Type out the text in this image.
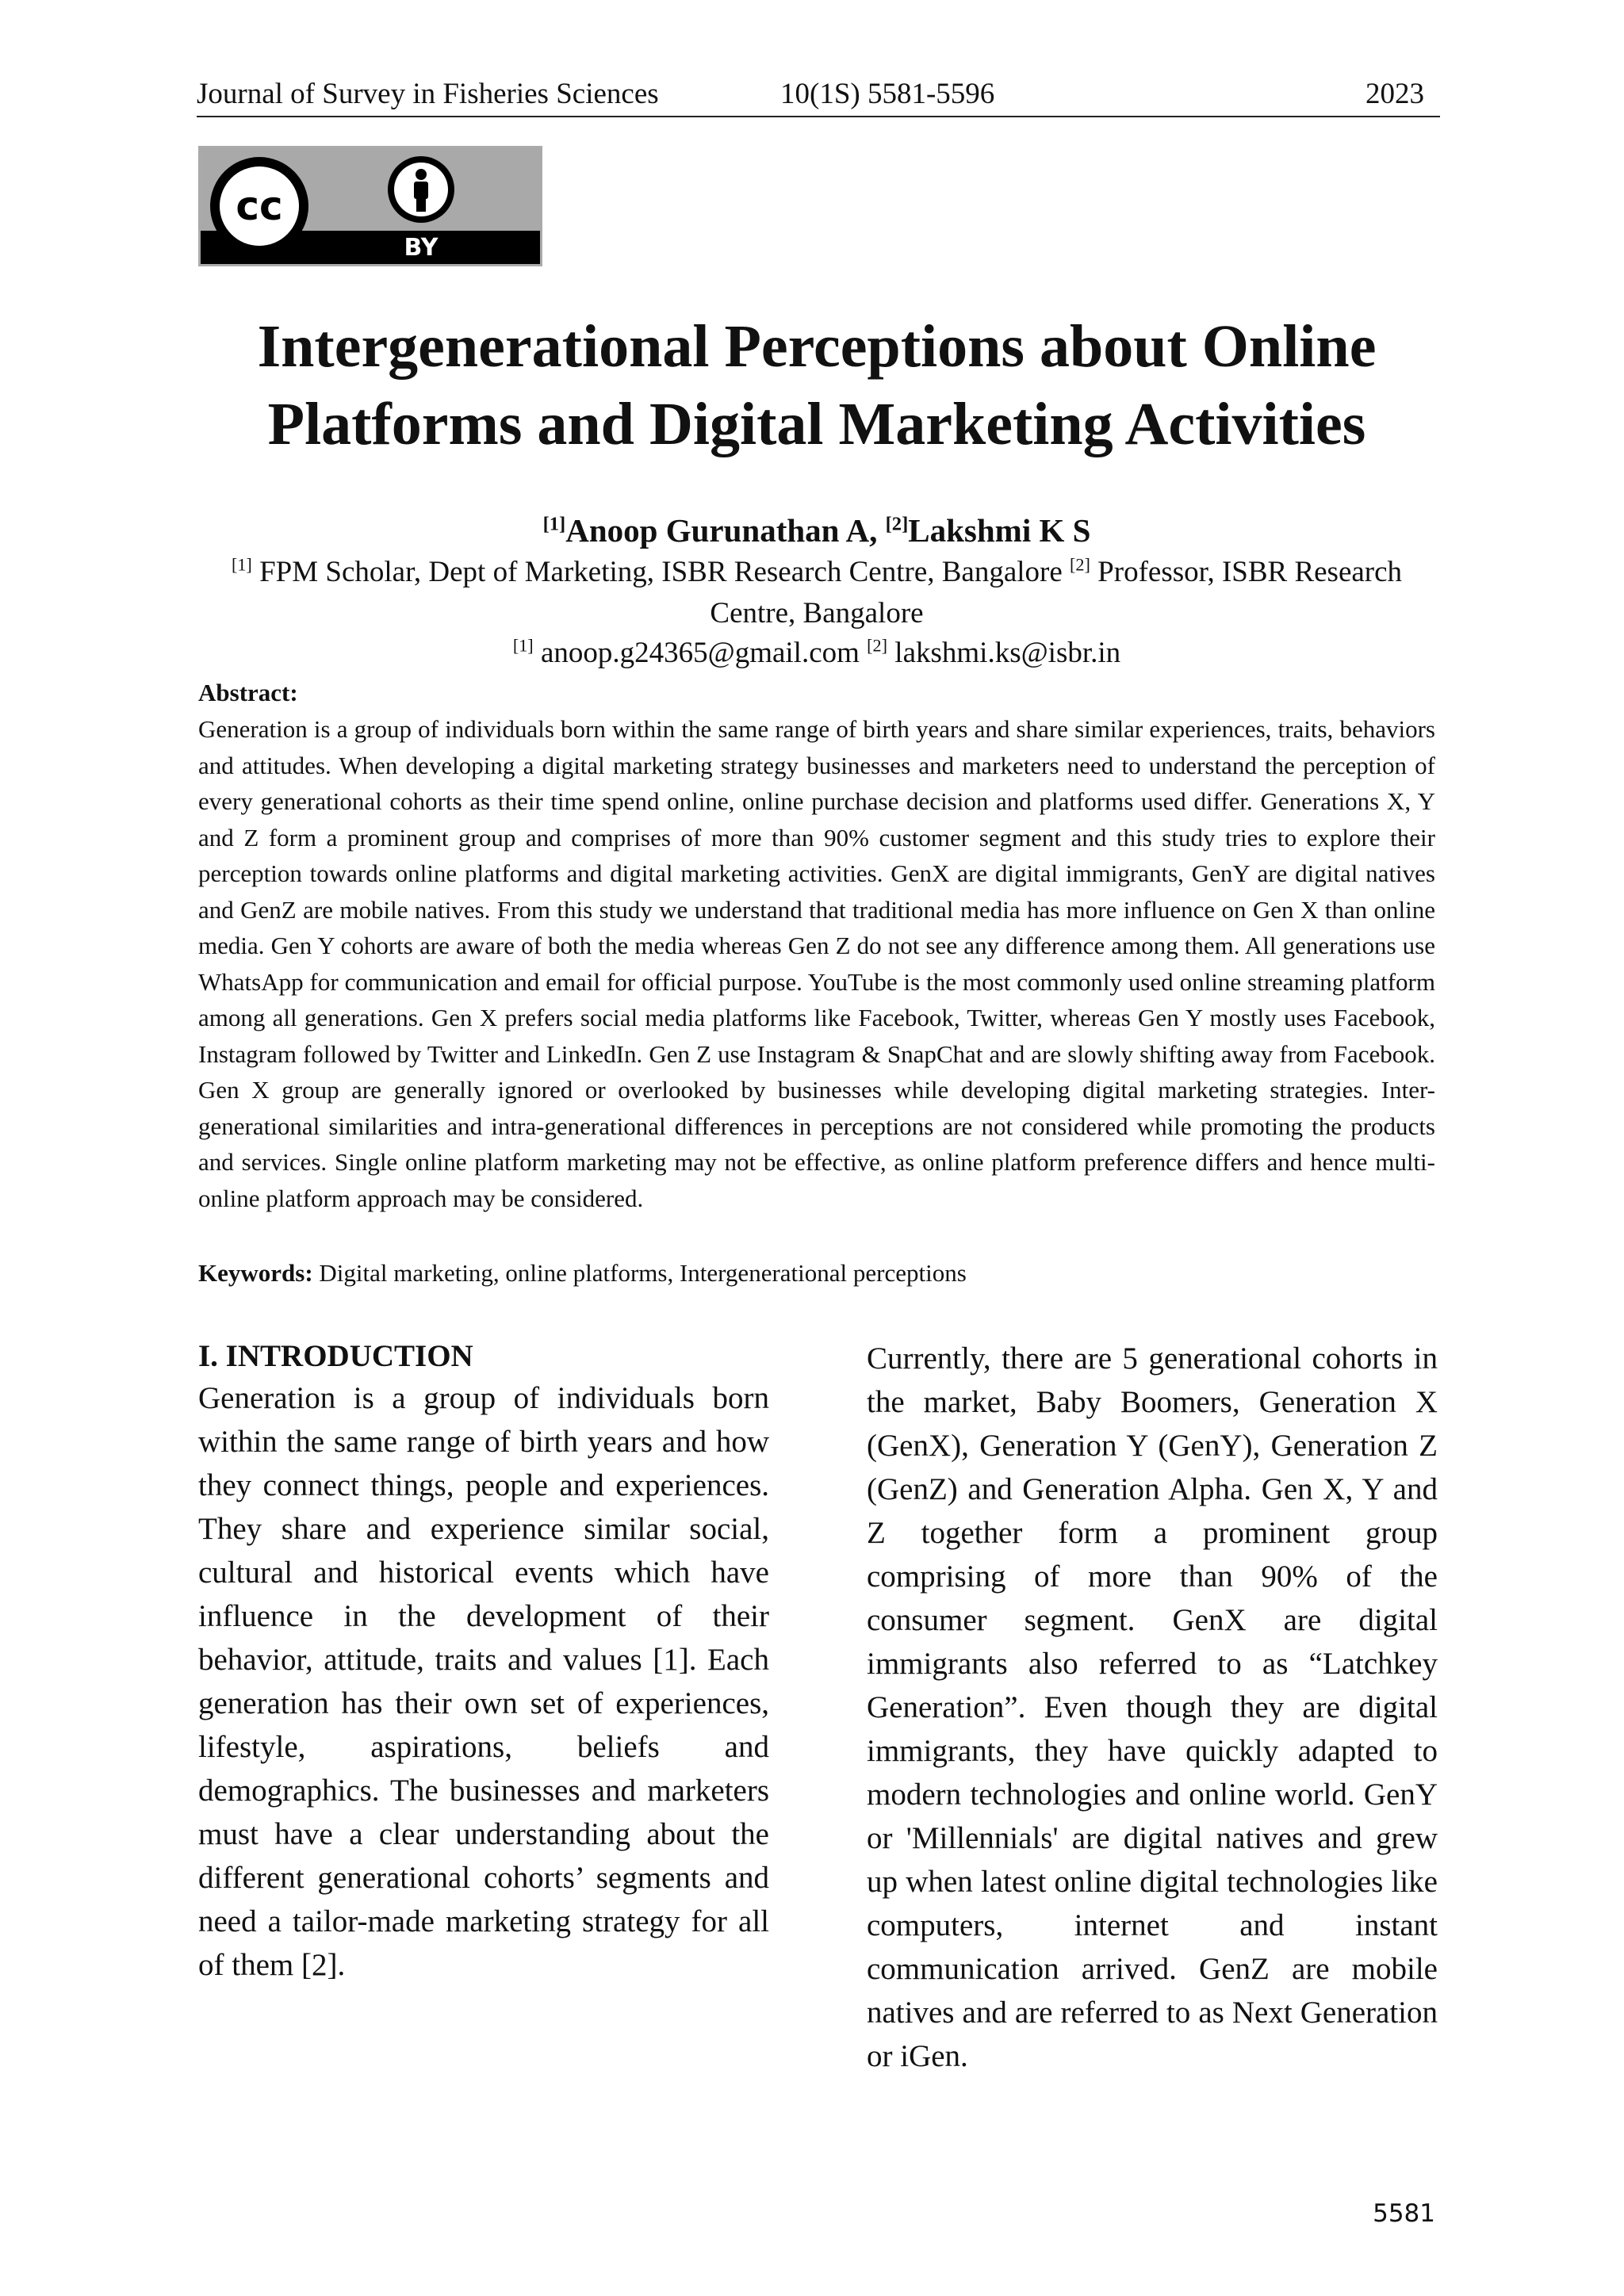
Journal of Survey in Fisheries Sciences	10(1S) 5581-5596	2023
cc
BY
Intergenerational Perceptions about Online Platforms and Digital Marketing Activities
[1]Anoop Gurunathan A, [2]Lakshmi K S
[1] FPM Scholar, Dept of Marketing, ISBR Research Centre, Bangalore [2] Professor, ISBR Research Centre, Bangalore
[1] anoop.g24365@gmail.com [2] lakshmi.ks@isbr.in
Abstract:
Generation is a group of individuals born within the same range of birth years and share similar experiences, traits, behaviors and attitudes. When developing a digital marketing strategy businesses and marketers need to understand the perception of every generational cohorts as their time spend online, online purchase decision and platforms used differ. Generations X, Y and Z form a prominent group and comprises of more than 90% customer segment and this study tries to explore their perception towards online platforms and digital marketing activities. GenX are digital immigrants, GenY are digital natives and GenZ are mobile natives. From this study we understand that traditional media has more influence on Gen X than online media. Gen Y cohorts are aware of both the media whereas Gen Z do not see any difference among them. All generations use WhatsApp for communication and email for official purpose. YouTube is the most commonly used online streaming platform among all generations. Gen X prefers social media platforms like Facebook, Twitter, whereas Gen Y mostly uses Facebook, Instagram followed by Twitter and LinkedIn. Gen Z use Instagram & SnapChat and are slowly shifting away from Facebook. Gen X group are generally ignored or overlooked by businesses while developing digital marketing strategies. Inter-generational similarities and intra-generational differences in perceptions are not considered while promoting the products and services. Single online platform marketing may not be effective, as online platform preference differs and hence multi-online platform approach may be considered.
Keywords: Digital marketing, online platforms, Intergenerational perceptions
I. INTRODUCTION

Generation is a group of individuals born within the same range of birth years and how they connect things, people and experiences. They share and experience similar social, cultural and historical events which have influence in the development of their behavior, attitude, traits and values [1]. Each generation has their own set of experiences, lifestyle, aspirations, beliefs and demographics. The businesses and marketers must have a clear understanding about the different generational cohorts’ segments and need a tailor-made marketing strategy for all of them [2].

Currently, there are 5 generational cohorts in the market, Baby Boomers, Generation X (GenX), Generation Y (GenY), Generation Z (GenZ) and Generation Alpha. Gen X, Y and Z together form a prominent group comprising of more than 90% of the consumer segment. GenX are digital immigrants also referred to as “Latchkey Generation”. Even though they are digital immigrants, they have quickly adapted to modern technologies and online world. GenY or 'Millennials' are digital natives and grew up when latest online digital technologies like computers, internet and instant communication arrived. GenZ are mobile natives and are referred to as Next Generation or iGen.

5581
